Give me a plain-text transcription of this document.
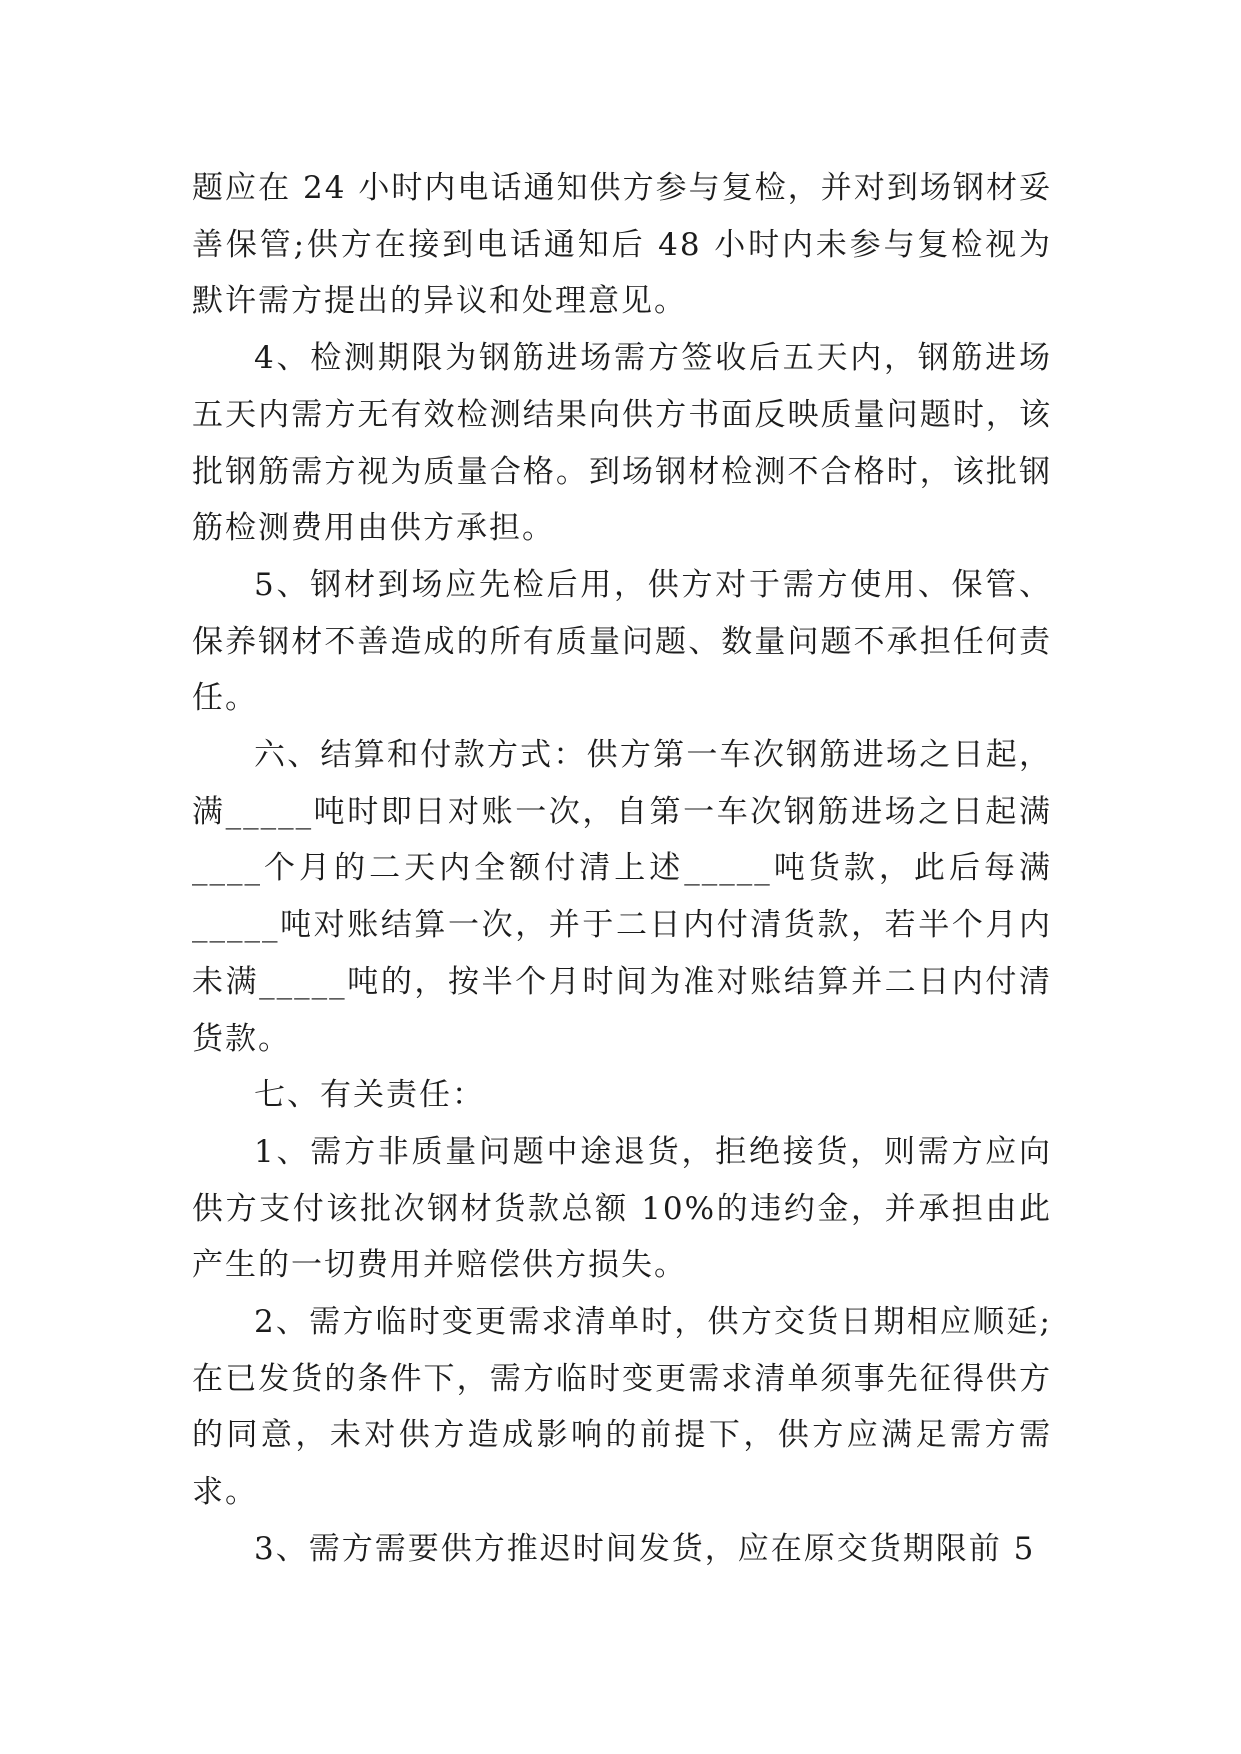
题应在 24 小时内电话通知供方参与复检，并对到场钢材妥善保管;供方在接到电话通知后 48 小时内未参与复检视为默许需方提出的异议和处理意见。

4、检测期限为钢筋进场需方签收后五天内，钢筋进场五天内需方无有效检测结果向供方书面反映质量问题时，该批钢筋需方视为质量合格。到场钢材检测不合格时，该批钢筋检测费用由供方承担。

5、钢材到场应先检后用，供方对于需方使用、保管、保养钢材不善造成的所有质量问题、数量问题不承担任何责任。

六、结算和付款方式：供方第一车次钢筋进场之日起，满_____吨时即日对账一次，自第一车次钢筋进场之日起满____个月的二天内全额付清上述_____吨货款，此后每满_____吨对账结算一次，并于二日内付清货款，若半个月内未满_____吨的，按半个月时间为准对账结算并二日内付清货款。

七、有关责任：

1、需方非质量问题中途退货，拒绝接货，则需方应向供方支付该批次钢材货款总额 10%的违约金，并承担由此产生的一切费用并赔偿供方损失。

2、需方临时变更需求清单时，供方交货日期相应顺延;在已发货的条件下，需方临时变更需求清单须事先征得供方的同意，未对供方造成影响的前提下，供方应满足需方需求。

3、需方需要供方推迟时间发货，应在原交货期限前 5
